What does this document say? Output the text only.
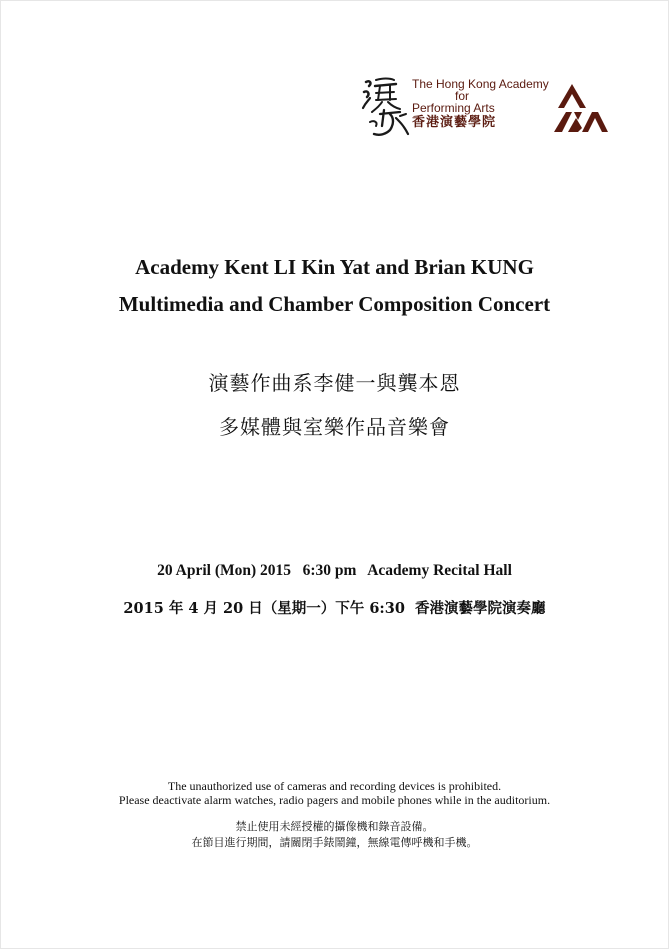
The Hong Kong Academy
for
Performing Arts
香港演藝學院
Academy Kent LI Kin Yat and Brian KUNG
Multimedia and Chamber Composition Concert
演藝作曲系李健一與龔本恩
多媒體與室樂作品音樂會
20 April (Mon) 2015   6:30 pm   Academy Recital Hall
2015 年 4 月 20 日（星期一）下午 6:30  香港演藝學院演奏廳
The unauthorized use of cameras and recording devices is prohibited.
Please deactivate alarm watches, radio pagers and mobile phones while in the auditorium.
禁止使用未經授權的攝像機和錄音設備。
在節目進行期間，請關閉手錶鬧鐘，無線電傳呼機和手機。
